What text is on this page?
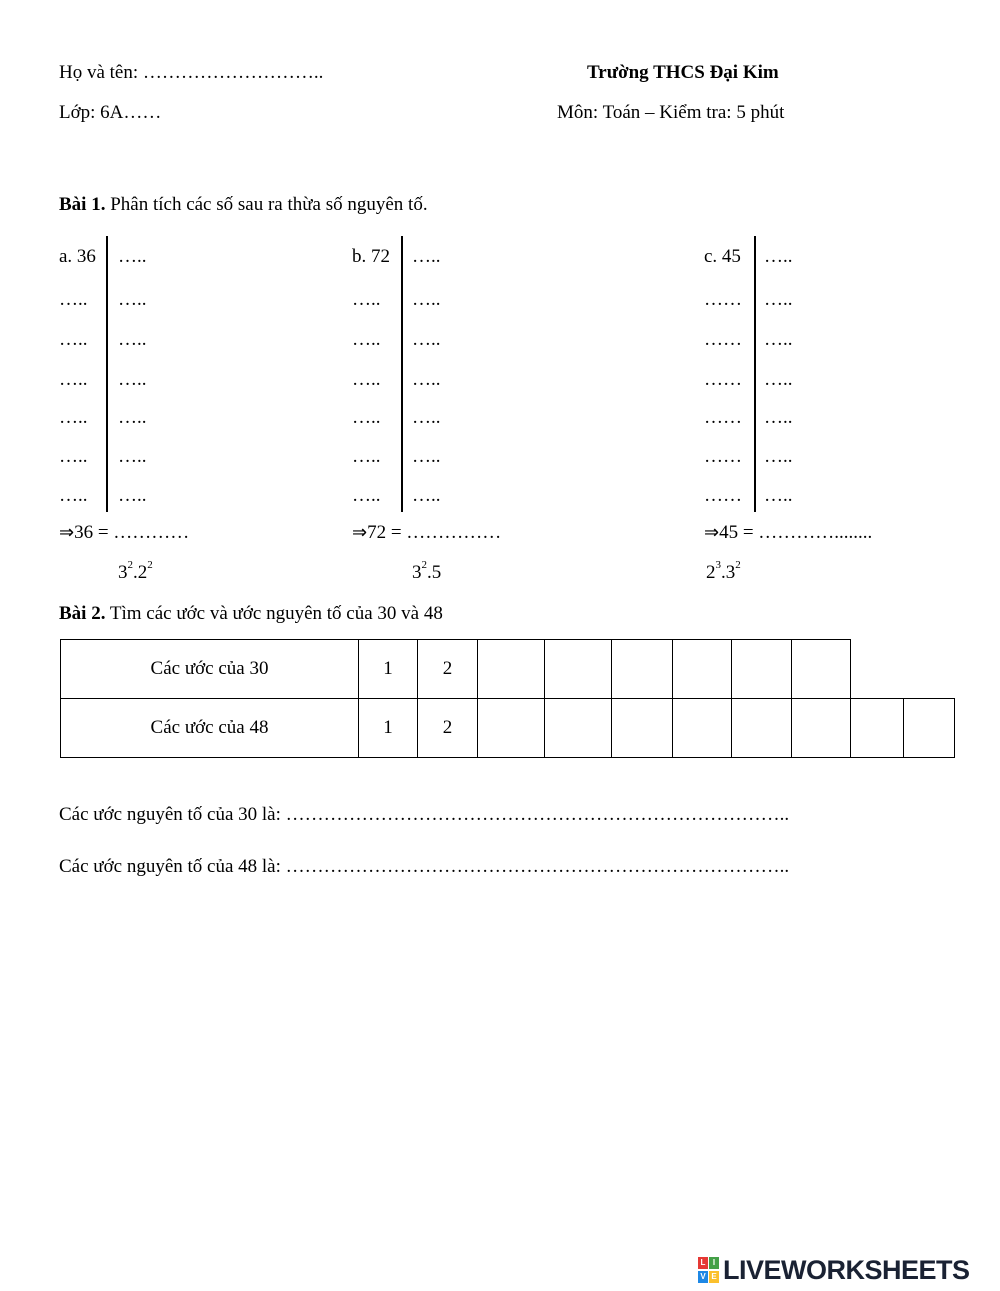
Họ và tên: ………………………..
Lớp: 6A……
Trường THCS Đại Kim
Môn: Toán – Kiểm tra: 5 phút
Bài 1. Phân tích các số sau ra thừa số nguyên tố.
a. 36 …..
….. …..
….. …..
….. …..
….. …..
….. …..
….. …..
⇒36 = …………
$3^2.2^2$
b. 72 …..
….. …..
….. …..
….. …..
….. …..
….. …..
….. …..
⇒72 = ……………
$3^2.5$
c. 45 …..
…… …..
…… …..
…… …..
…… …..
…… …..
…… …..
⇒45 = …………........
$2^3.3^2$
Bài 2. Tìm các ước và ước nguyên tố của 30 và 48
Các ước của 30	1	2								
Các ước của 48	1	2								
Các ước nguyên tố của 30 là: ……………………………………………………………………..
Các ước nguyên tố của 48 là: ……………………………………………………………………..
L I
V E LIVEWORKSHEETS
